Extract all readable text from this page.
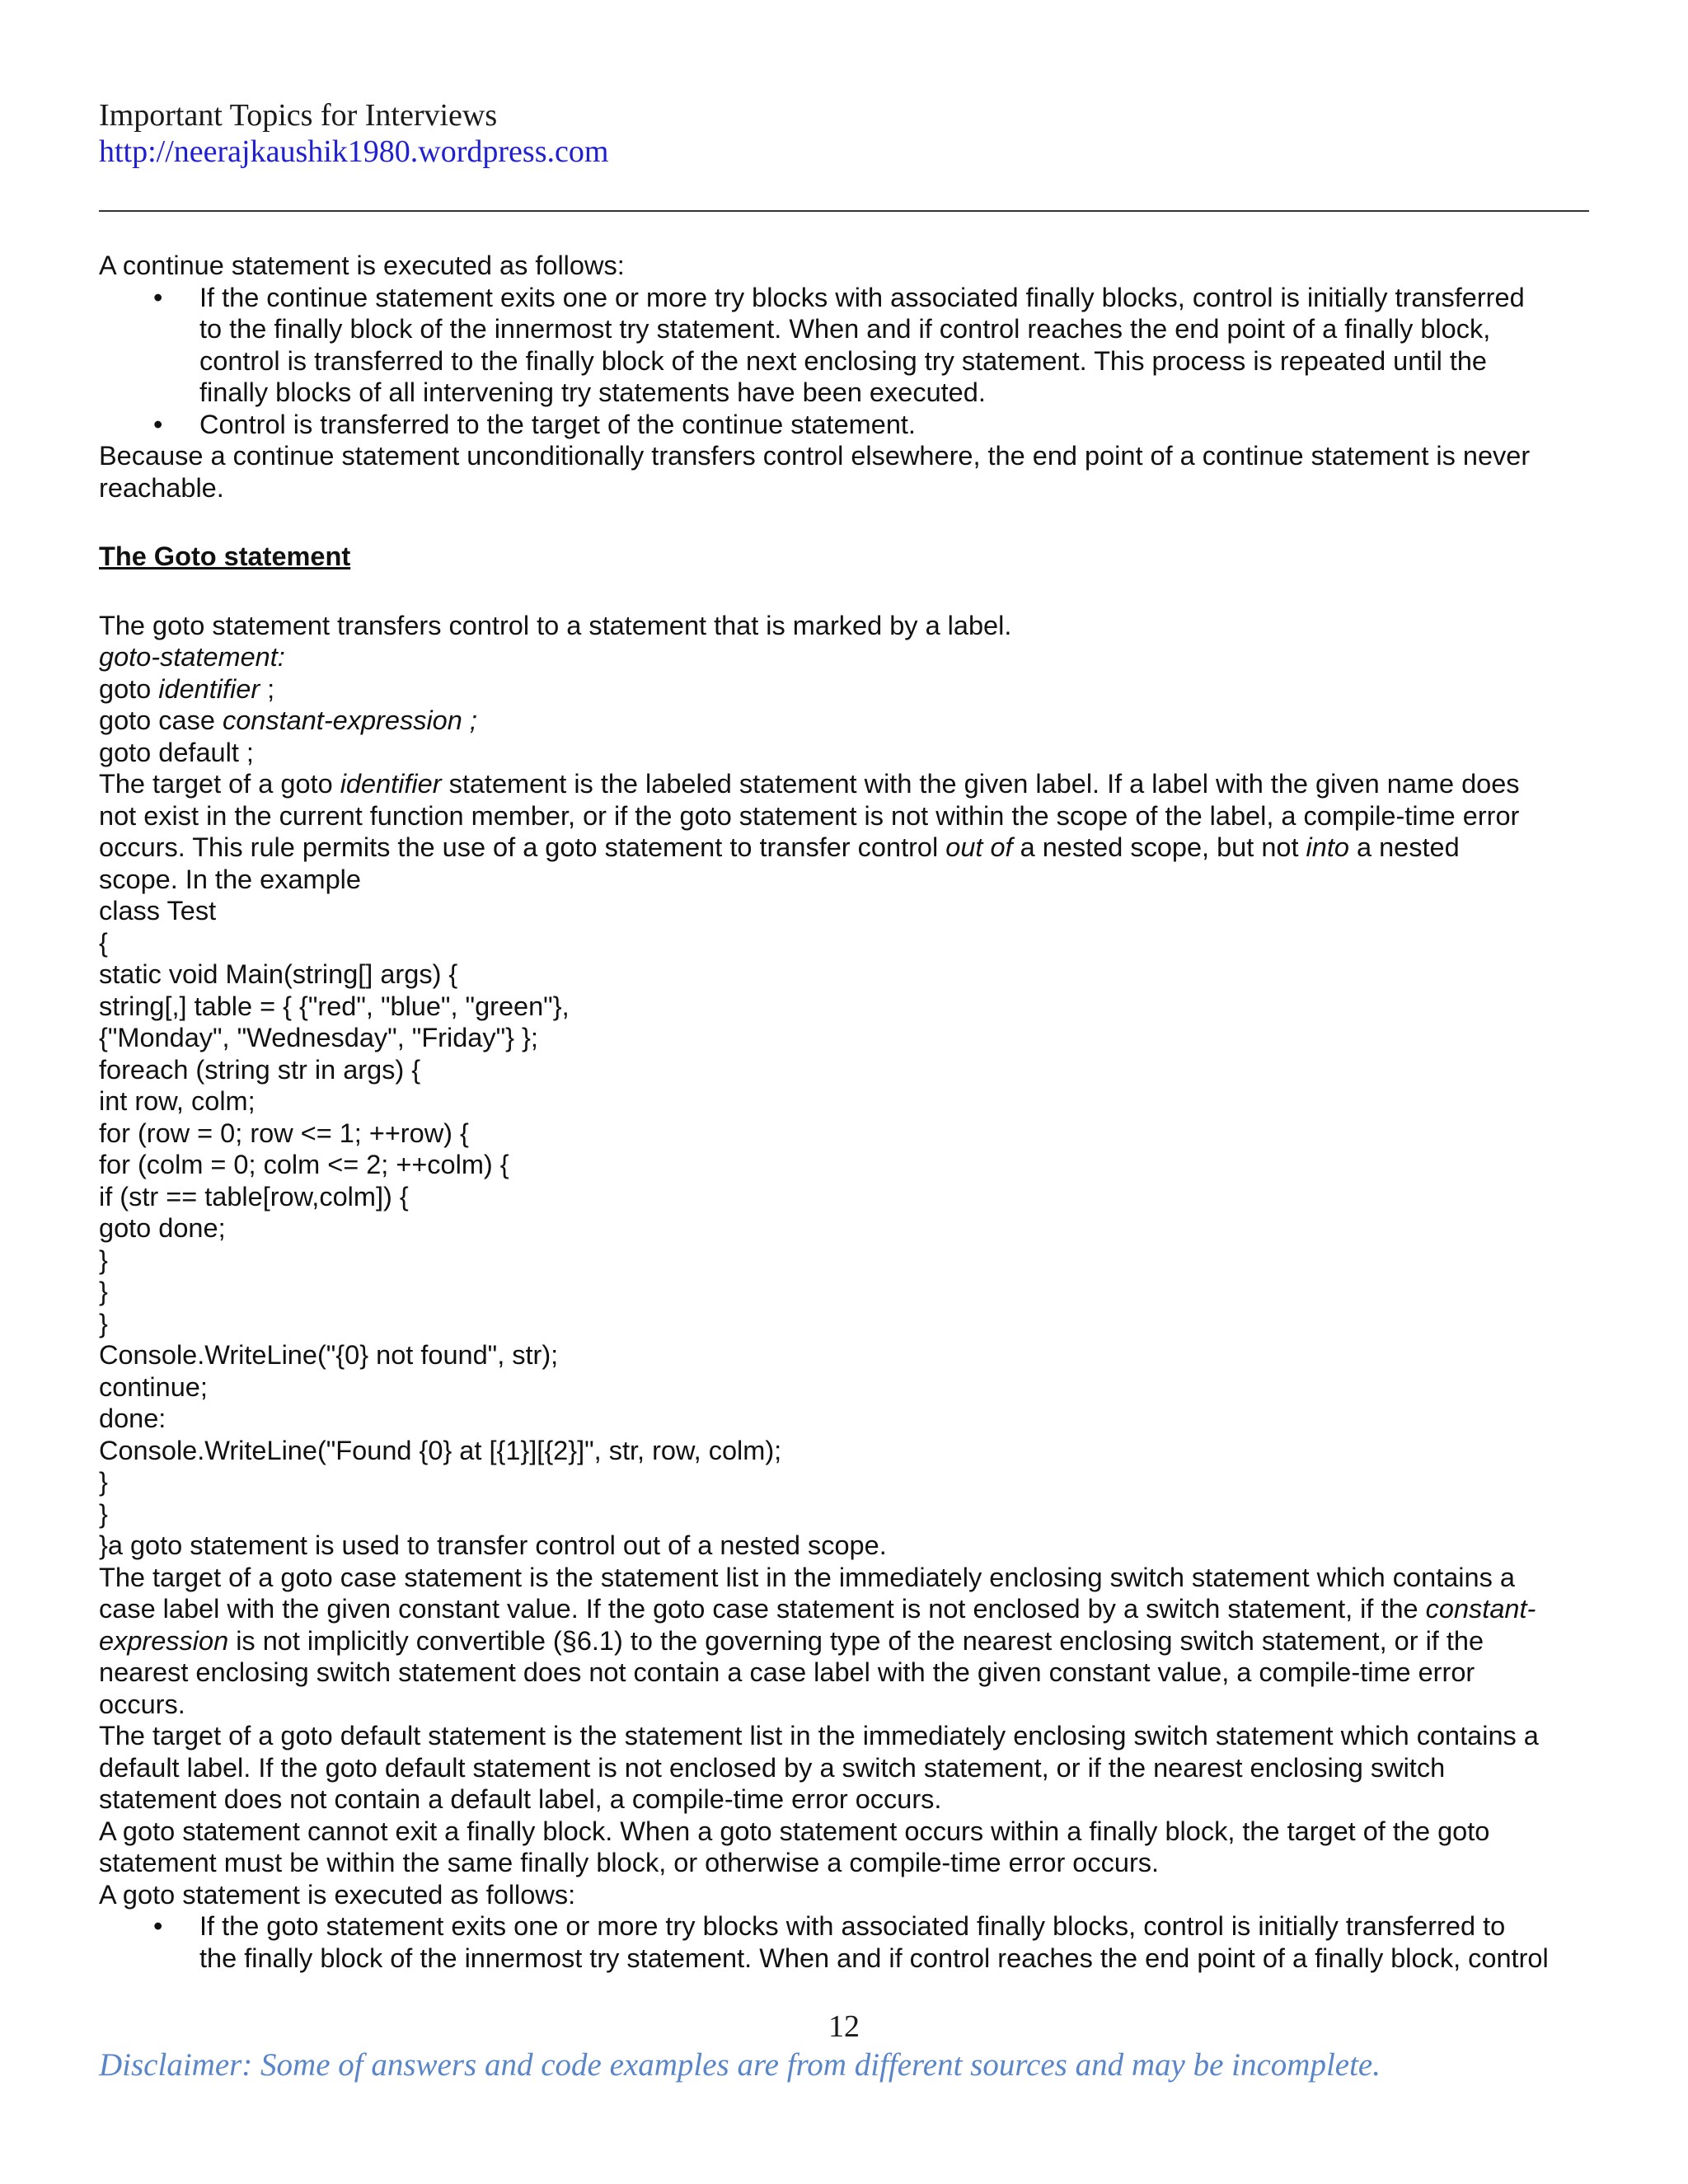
Important Topics for Interviews
http://neerajkaushik1980.wordpress.com

A continue statement is executed as follows:

• If the continue statement exits one or more try blocks with associated finally blocks, control is initially transferred
to the finally block of the innermost try statement. When and if control reaches the end point of a finally block,
control is transferred to the finally block of the next enclosing try statement. This process is repeated until the
finally blocks of all intervening try statements have been executed.
• Control is transferred to the target of the continue statement.

Because a continue statement unconditionally transfers control elsewhere, the end point of a continue statement is never

reachable.

The Goto statement

The goto statement transfers control to a statement that is marked by a label.

goto-statement:

goto identifier ;

goto case constant-expression ;

goto default ;

The target of a goto identifier statement is the labeled statement with the given label. If a label with the given name does

not exist in the current function member, or if the goto statement is not within the scope of the label, a compile-time error

occurs. This rule permits the use of a goto statement to transfer control out of a nested scope, but not into a nested

scope. In the example

class Test

{

static void Main(string[] args) {

string[,] table = { {"red", "blue", "green"},

{"Monday", "Wednesday", "Friday"} };

foreach (string str in args) {

int row, colm;

for (row = 0; row <= 1; ++row) {

for (colm = 0; colm <= 2; ++colm) {

if (str == table[row,colm]) {

goto done;

}

}

}

Console.WriteLine("{0} not found", str);

continue;

done:

Console.WriteLine("Found {0} at [{1}][{2}]", str, row, colm);

}

}

}a goto statement is used to transfer control out of a nested scope.

The target of a goto case statement is the statement list in the immediately enclosing switch statement which contains a

case label with the given constant value. If the goto case statement is not enclosed by a switch statement, if the constant-

expression is not implicitly convertible (§6.1) to the governing type of the nearest enclosing switch statement, or if the

nearest enclosing switch statement does not contain a case label with the given constant value, a compile-time error

occurs.

The target of a goto default statement is the statement list in the immediately enclosing switch statement which contains a

default label. If the goto default statement is not enclosed by a switch statement, or if the nearest enclosing switch

statement does not contain a default label, a compile-time error occurs.

A goto statement cannot exit a finally block. When a goto statement occurs within a finally block, the target of the goto

statement must be within the same finally block, or otherwise a compile-time error occurs.

A goto statement is executed as follows:

• If the goto statement exits one or more try blocks with associated finally blocks, control is initially transferred to
the finally block of the innermost try statement. When and if control reaches the end point of a finally block, control
12
Disclaimer: Some of answers and code examples are from different sources and may be incomplete.
